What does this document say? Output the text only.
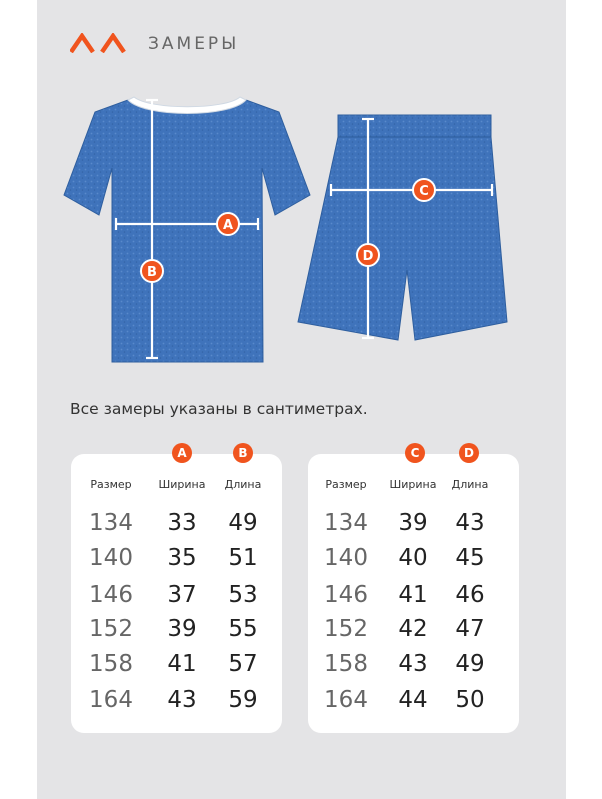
ЗАМЕРЫ
A
B
C
D
Все замеры указаны в сантиметрах.
A	B
Размер	Ширина	Длина
134	33	49
140	35	51
146	37	53
152	39	55
158	41	57
164	43	59
C	D
Размер	Ширина	Длина
134	39	43
140	40	45
146	41	46
152	42	47
158	43	49
164	44	50
